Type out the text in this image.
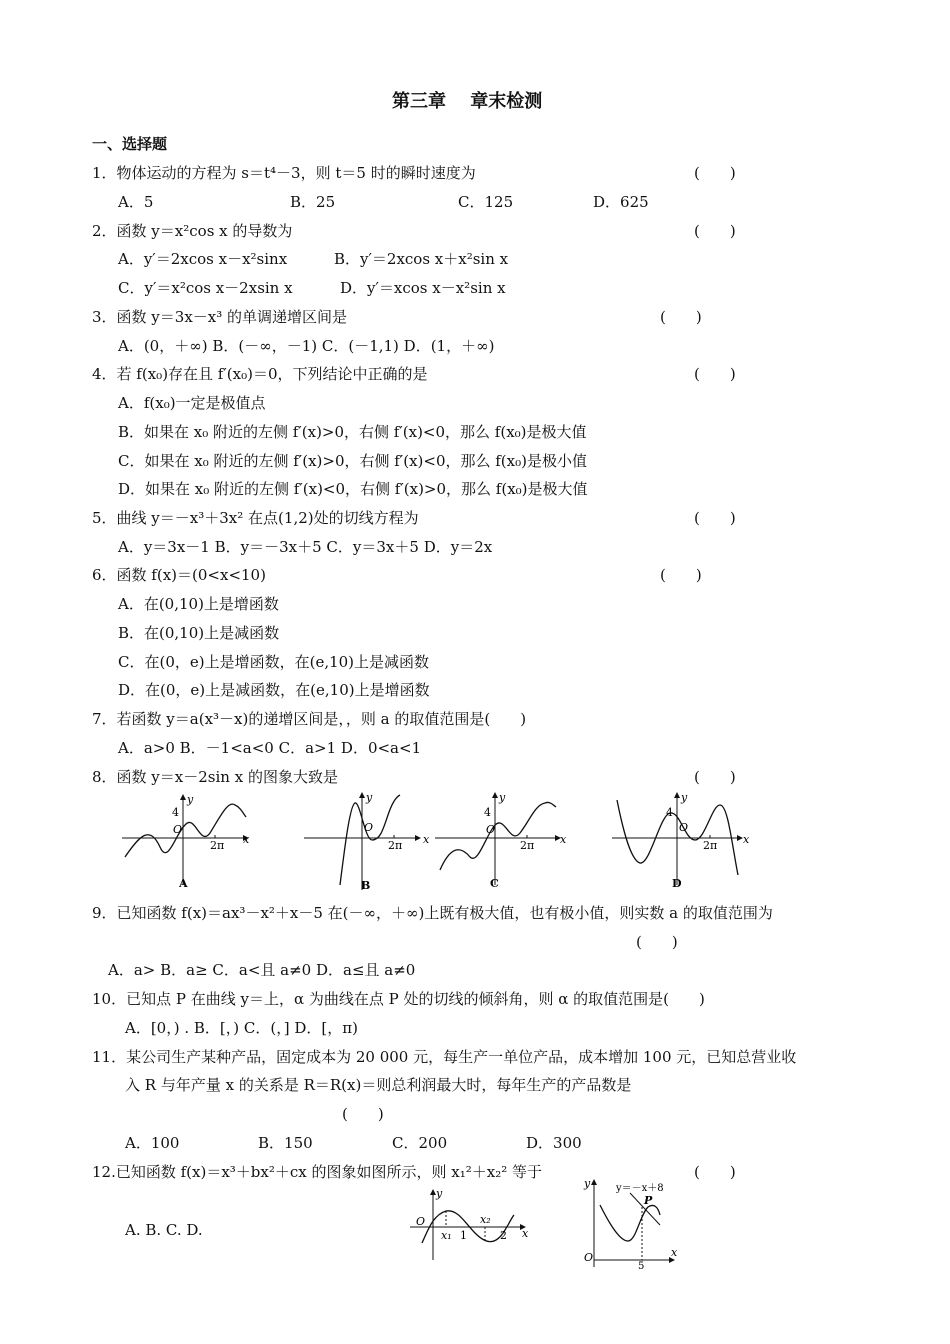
第三章　 章末检测
一、选择题
1．物体运动的方程为 s＝t⁴－3，则 t＝5 时的瞬时速度为	(　　)
A．5	B．25	C．125	D．625
2．函数 y＝x²cos x 的导数为	(　　)
A．y′＝2xcos x－x²sinx	B．y′＝2xcos x＋x²sin x
C．y′＝x²cos x－2xsin x	D．y′＝xcos x－x²sin x
3．函数 y＝3x－x³ 的单调递增区间是	(　　)
A．(0，＋∞) B．(－∞，－1) C．(－1,1) D．(1，＋∞)
4．若 f(x₀)存在且 f′(x₀)＝0，下列结论中正确的是	(　　)
A．f(x₀)一定是极值点
B．如果在 x₀ 附近的左侧 f′(x)>0，右侧 f′(x)<0，那么 f(x₀)是极大值
C．如果在 x₀ 附近的左侧 f′(x)>0，右侧 f′(x)<0，那么 f(x₀)是极小值
D．如果在 x₀ 附近的左侧 f′(x)<0，右侧 f′(x)>0，那么 f(x₀)是极大值
5．曲线 y＝－x³＋3x² 在点(1,2)处的切线方程为	(　　)
A．y＝3x－1 B．y＝－3x＋5 C．y＝3x＋5 D．y＝2x
6．函数 f(x)＝(0<x<10)	(　　)
A．在(0,10)上是增函数
B．在(0,10)上是减函数
C．在(0，e)上是增函数，在(e,10)上是减函数
D．在(0，e)上是减函数，在(e,10)上是增函数
7．若函数 y＝a(x³－x)的递增区间是，，则 a 的取值范围是(　　)
A．a>0 B．－1<a<0 C．a>1 D．0<a<1
8．函数 y＝x－2sin x 的图象大致是	(　　)
4
y
O
2π x
A
y
O
2π x
B
4
y
O
2π x
C
4
y
O
2π x
D
9．已知函数 f(x)＝ax³－x²＋x－5 在(－∞，＋∞)上既有极大值，也有极小值，则实数 a 的取值范围为
(　　)
A．a> B．a≥ C．a<且 a≠0 D．a≤且 a≠0
10．已知点 P 在曲线 y＝上，α 为曲线在点 P 处的切线的倾斜角，则 α 的取值范围是(　　)
A．[0，) . B．[，) C．(，] D．[，π)
11．某公司生产某种产品，固定成本为 20 000 元，每生产一单位产品，成本增加 100 元，已知总营业收
入 R 与年产量 x 的关系是 R＝R(x)＝则总利润最大时，每年生产的产品数是
(　　)
A．100	B．150	C．200	D．300
12.已知函数 f(x)＝x³＋bx²＋cx 的图象如图所示，则 x₁²＋x₂² 等于	(　　)
A. B. C. D.
y
O
x₁ 1
x₂
2 x
y	y＝－x＋8
P
O
5
x
